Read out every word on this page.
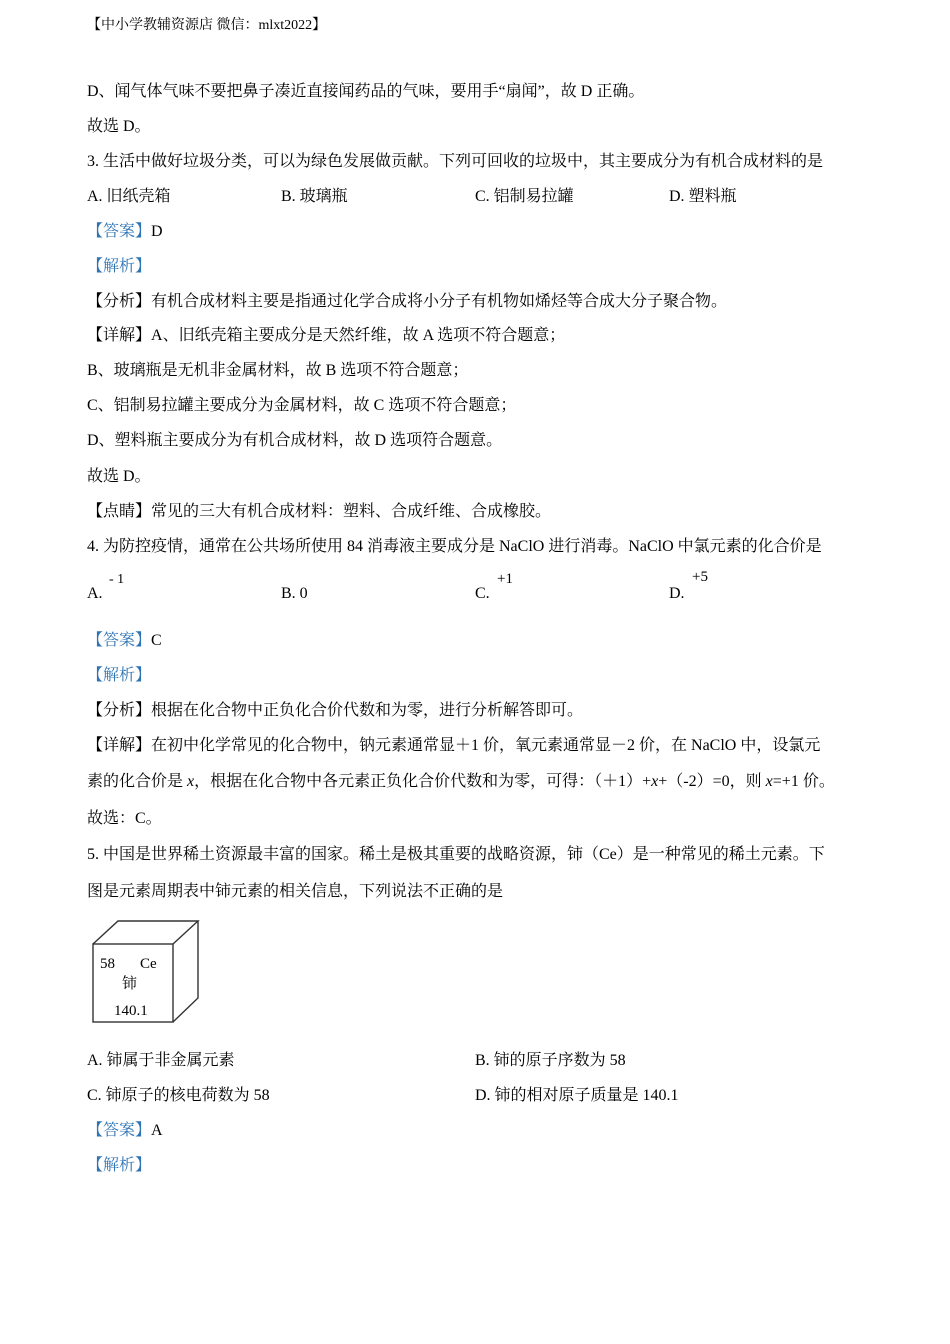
【中小学教辅资源店 微信：mlxt2022】
D、闻气体气味不要把鼻子凑近直接闻药品的气味，要用手“扇闻”，故 D 正确。
故选 D。
3. 生活中做好垃圾分类，可以为绿色发展做贡献。下列可回收的垃圾中，其主要成分为有机合成材料的是
A. 旧纸壳箱	B. 玻璃瓶	C. 铝制易拉罐	D. 塑料瓶
【答案】D
【解析】
【分析】有机合成材料主要是指通过化学合成将小分子有机物如烯烃等合成大分子聚合物。
【详解】A、旧纸壳箱主要成分是天然纤维，故 A 选项不符合题意；
B、玻璃瓶是无机非金属材料，故 B 选项不符合题意；
C、铝制易拉罐主要成分为金属材料，故 C 选项不符合题意；
D、塑料瓶主要成分为有机合成材料，故 D 选项符合题意。
故选 D。
【点睛】常见的三大有机合成材料：塑料、合成纤维、合成橡胶。
4. 为防控疫情，通常在公共场所使用 84 消毒液主要成分是 NaClO 进行消毒。NaClO 中氯元素的化合价是
A.
- 1
B. 0	C.
+1
D.
+5
【答案】C
【解析】
【分析】根据在化合物中正负化合价代数和为零，进行分析解答即可。
【详解】在初中化学常见的化合物中，钠元素通常显＋1 价，氧元素通常显－2 价，在 NaClO 中，设氯元
素的化合价是 x，根据在化合物中各元素正负化合价代数和为零，可得：（＋1）+x+（-2）=0，则 x=+1 价。
故选：C。
5. 中国是世界稀土资源最丰富的国家。稀土是极其重要的战略资源，铈（Ce）是一种常见的稀土元素。下
图是元素周期表中铈元素的相关信息，下列说法不正确的是
58 Ce
铈
140.1
A. 铈属于非金属元素	B. 铈的原子序数为 58
C. 铈原子的核电荷数为 58	D. 铈的相对原子质量是 140.1
【答案】A
【解析】
